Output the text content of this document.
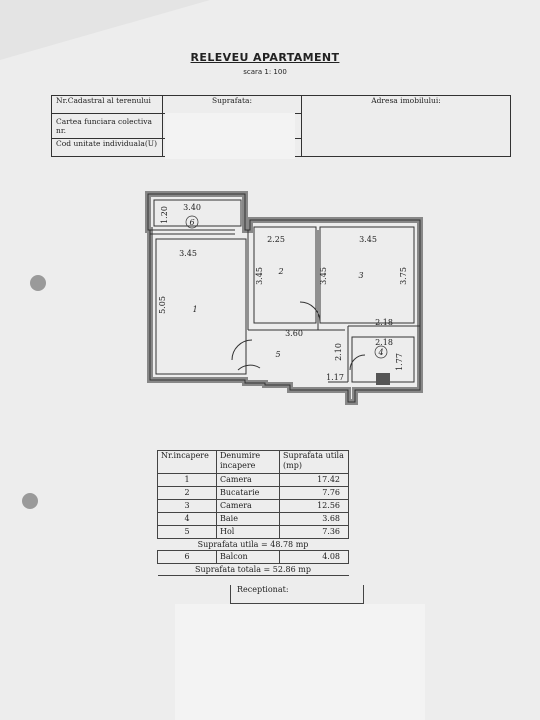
RELEVEU APARTAMENT
scara 1: 100
Nr.Cadastral al terenului	Suprafata:	Adresa imobilului:
Cartea funciara colectiva nr.		
Cod unitate individuala(U)		
1
2	3
4
5
6
3.40
1.20
3.45
5.05
2.25
3.45
3.45
3.45	3.75
3.60
2.18
2.18
2.10
1.77
1.17
Nr.incapere	Denumire incapere	Suprafata utila (mp)
1	Camera	17.42
2	Bucatarie	7.76
3	Camera	12.56
4	Baie	3.68
5	Hol	7.36
Suprafata utila = 48.78 mp		
6	Balcon	4.08
Suprafata totala = 52.86 mp		
Receptionat:
